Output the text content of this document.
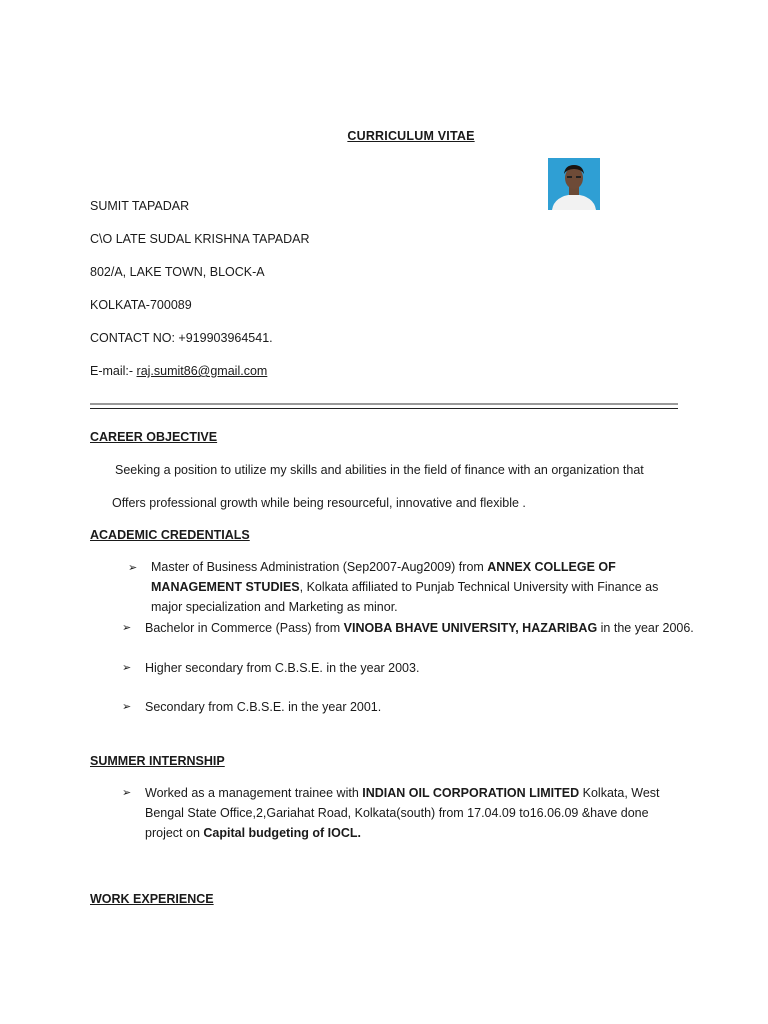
CURRICULUM VITAE
SUMIT TAPADAR
C\O LATE SUDAL KRISHNA TAPADAR
802/A, LAKE TOWN, BLOCK-A
KOLKATA-700089
CONTACT NO: +919903964541.
E-mail:- raj.sumit86@gmail.com
CAREER OBJECTIVE
Seeking a position to utilize my skills and abilities in the field of finance with an organization that
Offers professional growth while being resourceful, innovative and flexible .
ACADEMIC CREDENTIALS
➢ Master of Business Administration (Sep2007-Aug2009) from ANNEX COLLEGE OF MANAGEMENT STUDIES, Kolkata affiliated to Punjab Technical University with Finance as major specialization and Marketing as minor.
➢ Bachelor in Commerce (Pass) from VINOBA BHAVE UNIVERSITY, HAZARIBAG in the year 2006.
➢ Higher secondary from C.B.S.E. in the year 2003.
➢ Secondary from C.B.S.E. in the year 2001.
SUMMER INTERNSHIP
➢ Worked as a management trainee with INDIAN OIL CORPORATION LIMITED Kolkata, West Bengal State Office,2,Gariahat Road, Kolkata(south) from 17.04.09 to16.06.09 &have done project on Capital budgeting of IOCL.
WORK EXPERIENCE
